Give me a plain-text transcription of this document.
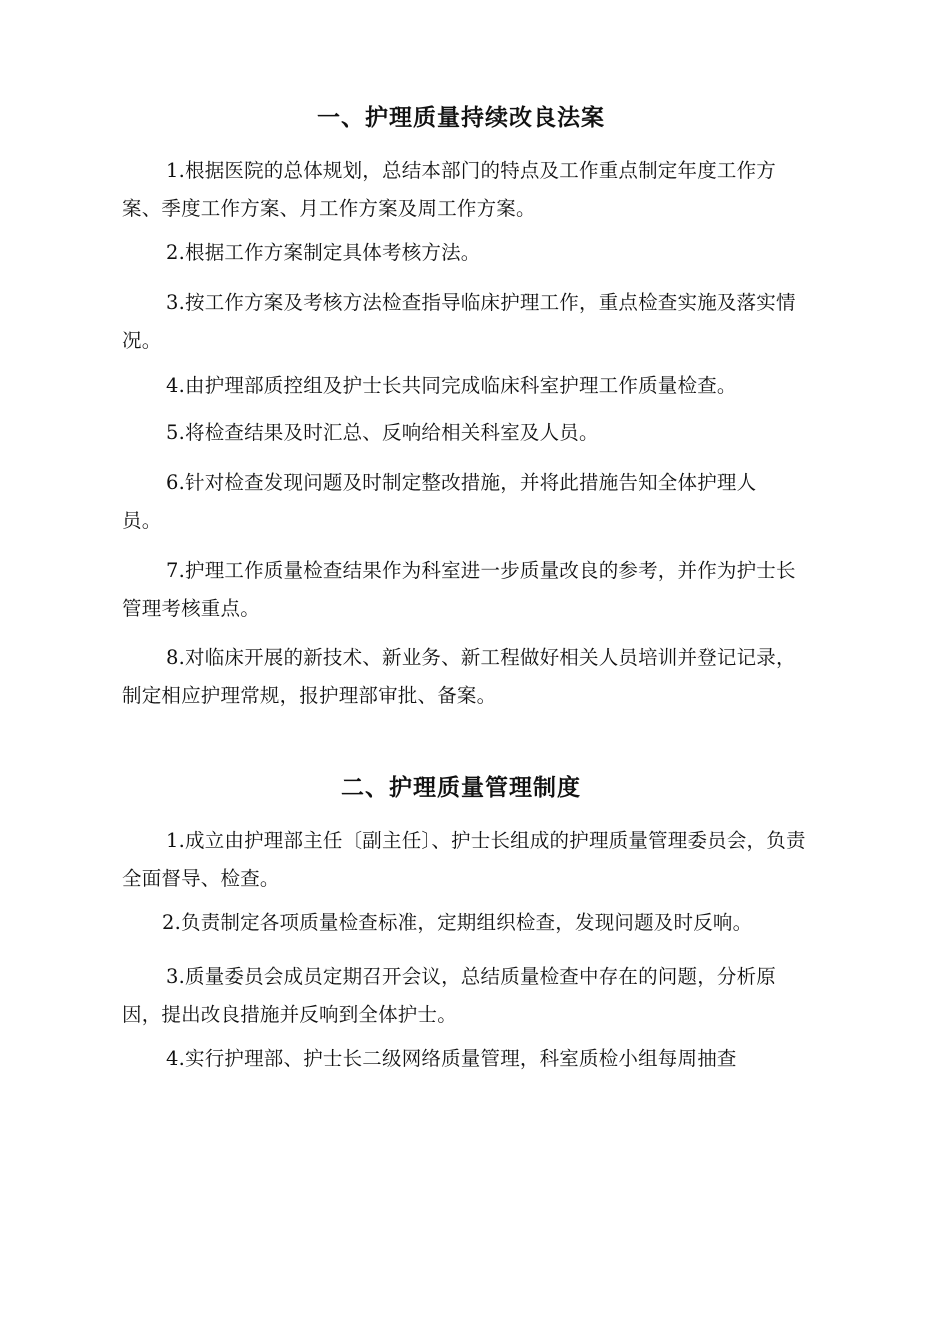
一、护理质量持续改良法案

1.根据医院的总体规划，总结本部门的特点及工作重点制定年度工作方案、季度工作方案、月工作方案及周工作方案。

2.根据工作方案制定具体考核方法。

3.按工作方案及考核方法检查指导临床护理工作，重点检查实施及落实情况。

4.由护理部质控组及护士长共同完成临床科室护理工作质量检查。

5.将检查结果及时汇总、反响给相关科室及人员。

6.针对检查发现问题及时制定整改措施，并将此措施告知全体护理人员。

7.护理工作质量检查结果作为科室进一步质量改良的参考，并作为护士长管理考核重点。

8.对临床开展的新技术、新业务、新工程做好相关人员培训并登记记录，制定相应护理常规，报护理部审批、备案。

二、护理质量管理制度

1.成立由护理部主任〔副主任〕、护士长组成的护理质量管理委员会，负责全面督导、检查。

2.负责制定各项质量检查标准，定期组织检查，发现问题及时反响。

3.质量委员会成员定期召开会议，总结质量检查中存在的问题，分析原因，提出改良措施并反响到全体护士。

4.实行护理部、护士长二级网络质量管理，科室质检小组每周抽查
